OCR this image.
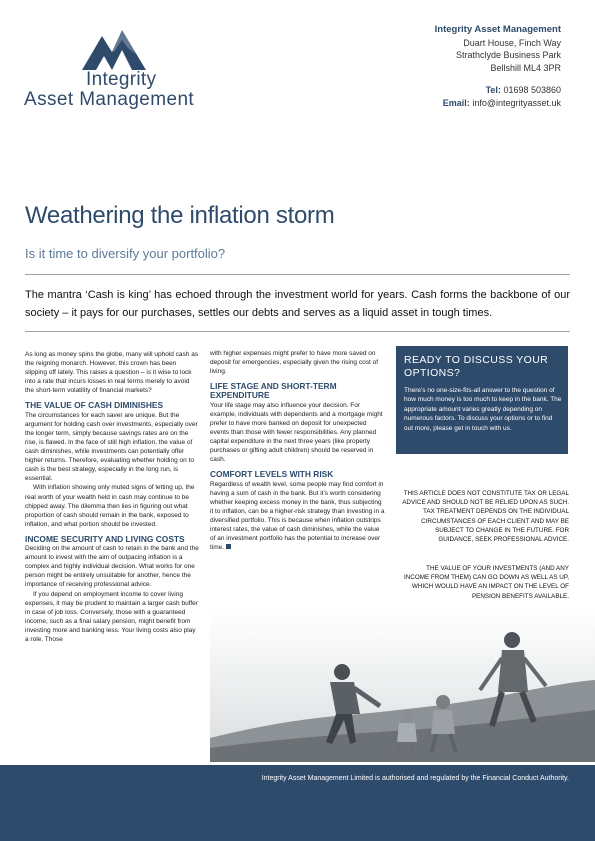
Integrity
Asset Management
Integrity Asset Management
Duart House, Finch Way
Strathclyde Business Park
Bellshill ML4 3PR
Tel: 01698 503860
Email: info@integrityasset.uk
Weathering the inflation storm
Is it time to diversify your portfolio?
The mantra ‘Cash is king’ has echoed through the investment world for years. Cash forms the backbone of our society – it pays for our purchases, settles our debts and serves as a liquid asset in tough times.

As long as money spins the globe, many will uphold cash as the reigning monarch. However, this crown has been slipping off lately. This raises a question – is it wise to lock into a rate that incurs losses in real terms merely to avoid the short-term volatility of financial markets?

THE VALUE OF CASH DIMINISHES

The circumstances for each saver are unique. But the argument for holding cash over investments, especially over the longer term, simply because savings rates are on the rise, is flawed. In the face of still high inflation, the value of cash diminishes, while investments can potentially offer higher returns. Therefore, evaluating whether holding on to cash is the best strategy, especially in the long run, is essential.

With inflation showing only muted signs of letting up, the real worth of your wealth held in cash may continue to be chipped away. The dilemma then lies in figuring out what proportion of cash should remain in the bank, exposed to inflation, and what portion should be invested.

INCOME SECURITY AND LIVING COSTS

Deciding on the amount of cash to retain in the bank and the amount to invest with the aim of outpacing inflation is a complex and highly individual decision. What works for one person might be entirely unsuitable for another, hence the importance of receiving professional advice.

If you depend on employment income to cover living expenses, it may be prudent to maintain a larger cash buffer in case of job loss. Conversely, those with a guaranteed income, such as a final salary pension, might benefit from investing more and banking less. Your living costs also play a role. Those

with higher expenses might prefer to have more saved on deposit for emergencies, especially given the rising cost of living.

LIFE STAGE AND SHORT-TERM EXPENDITURE

Your life stage may also influence your decision. For example, individuals with dependents and a mortgage might prefer to have more banked on deposit for unexpected events than those with fewer responsibilities. Any planned capital expenditure in the next three years (like property purchases or gifting adult children) should be reserved in cash.

COMFORT LEVELS WITH RISK

Regardless of wealth level, some people may find comfort in having a sum of cash in the bank. But it’s worth considering whether keeping excess money in the bank, thus subjecting it to inflation, can be a higher-risk strategy than investing in a diversified portfolio. This is because when inflation outstrips interest rates, the value of cash diminishes, while the value of an investment portfolio has the potential to increase over time.

READY TO DISCUSS YOUR OPTIONS?

There’s no one-size-fits-all answer to the question of how much money is too much to keep in the bank. The appropriate amount varies greatly depending on numerous factors. To discuss your options or to find out more, please get in touch with us.

THIS ARTICLE DOES NOT CONSTITUTE TAX OR LEGAL ADVICE AND SHOULD NOT BE RELIED UPON AS SUCH. TAX TREATMENT DEPENDS ON THE INDIVIDUAL CIRCUMSTANCES OF EACH CLIENT AND MAY BE SUBJECT TO CHANGE IN THE FUTURE. FOR GUIDANCE, SEEK PROFESSIONAL ADVICE.
THE VALUE OF YOUR INVESTMENTS (AND ANY INCOME FROM THEM) CAN GO DOWN AS WELL AS UP, WHICH WOULD HAVE AN IMPACT ON THE LEVEL OF PENSION BENEFITS AVAILABLE.
Integrity Asset Management Limited is authorised and regulated by the Financial Conduct Authority.
